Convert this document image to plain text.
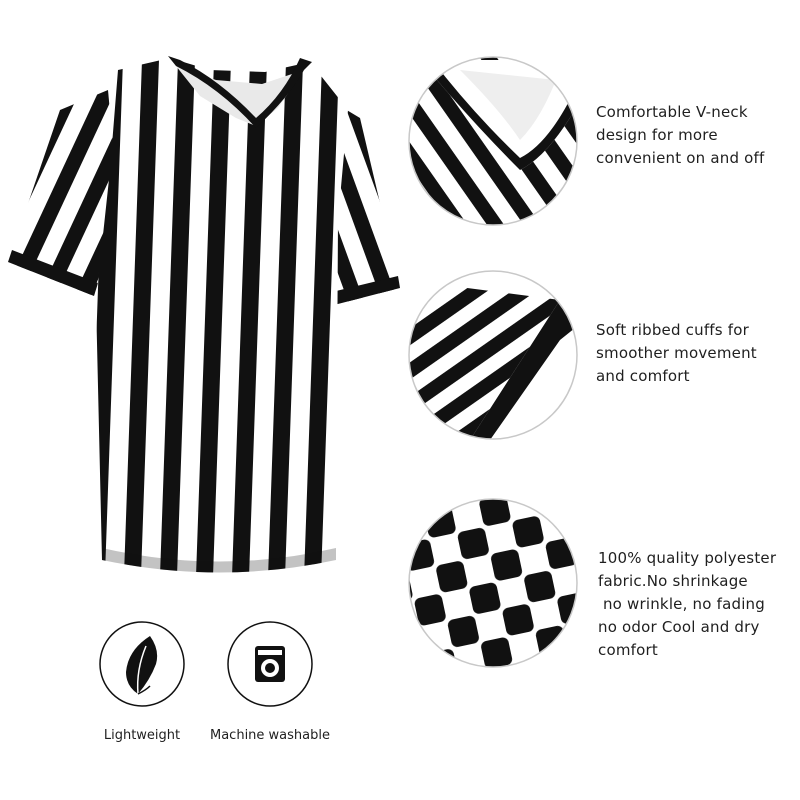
Comfortable V-neck
design for more
convenient on and off
Soft ribbed cuffs for
smoother movement
and comfort
100% quality polyester
fabric.No shrinkage
no wrinkle, no fading
no odor Cool and dry
comfort
Lightweight	Machine washable
